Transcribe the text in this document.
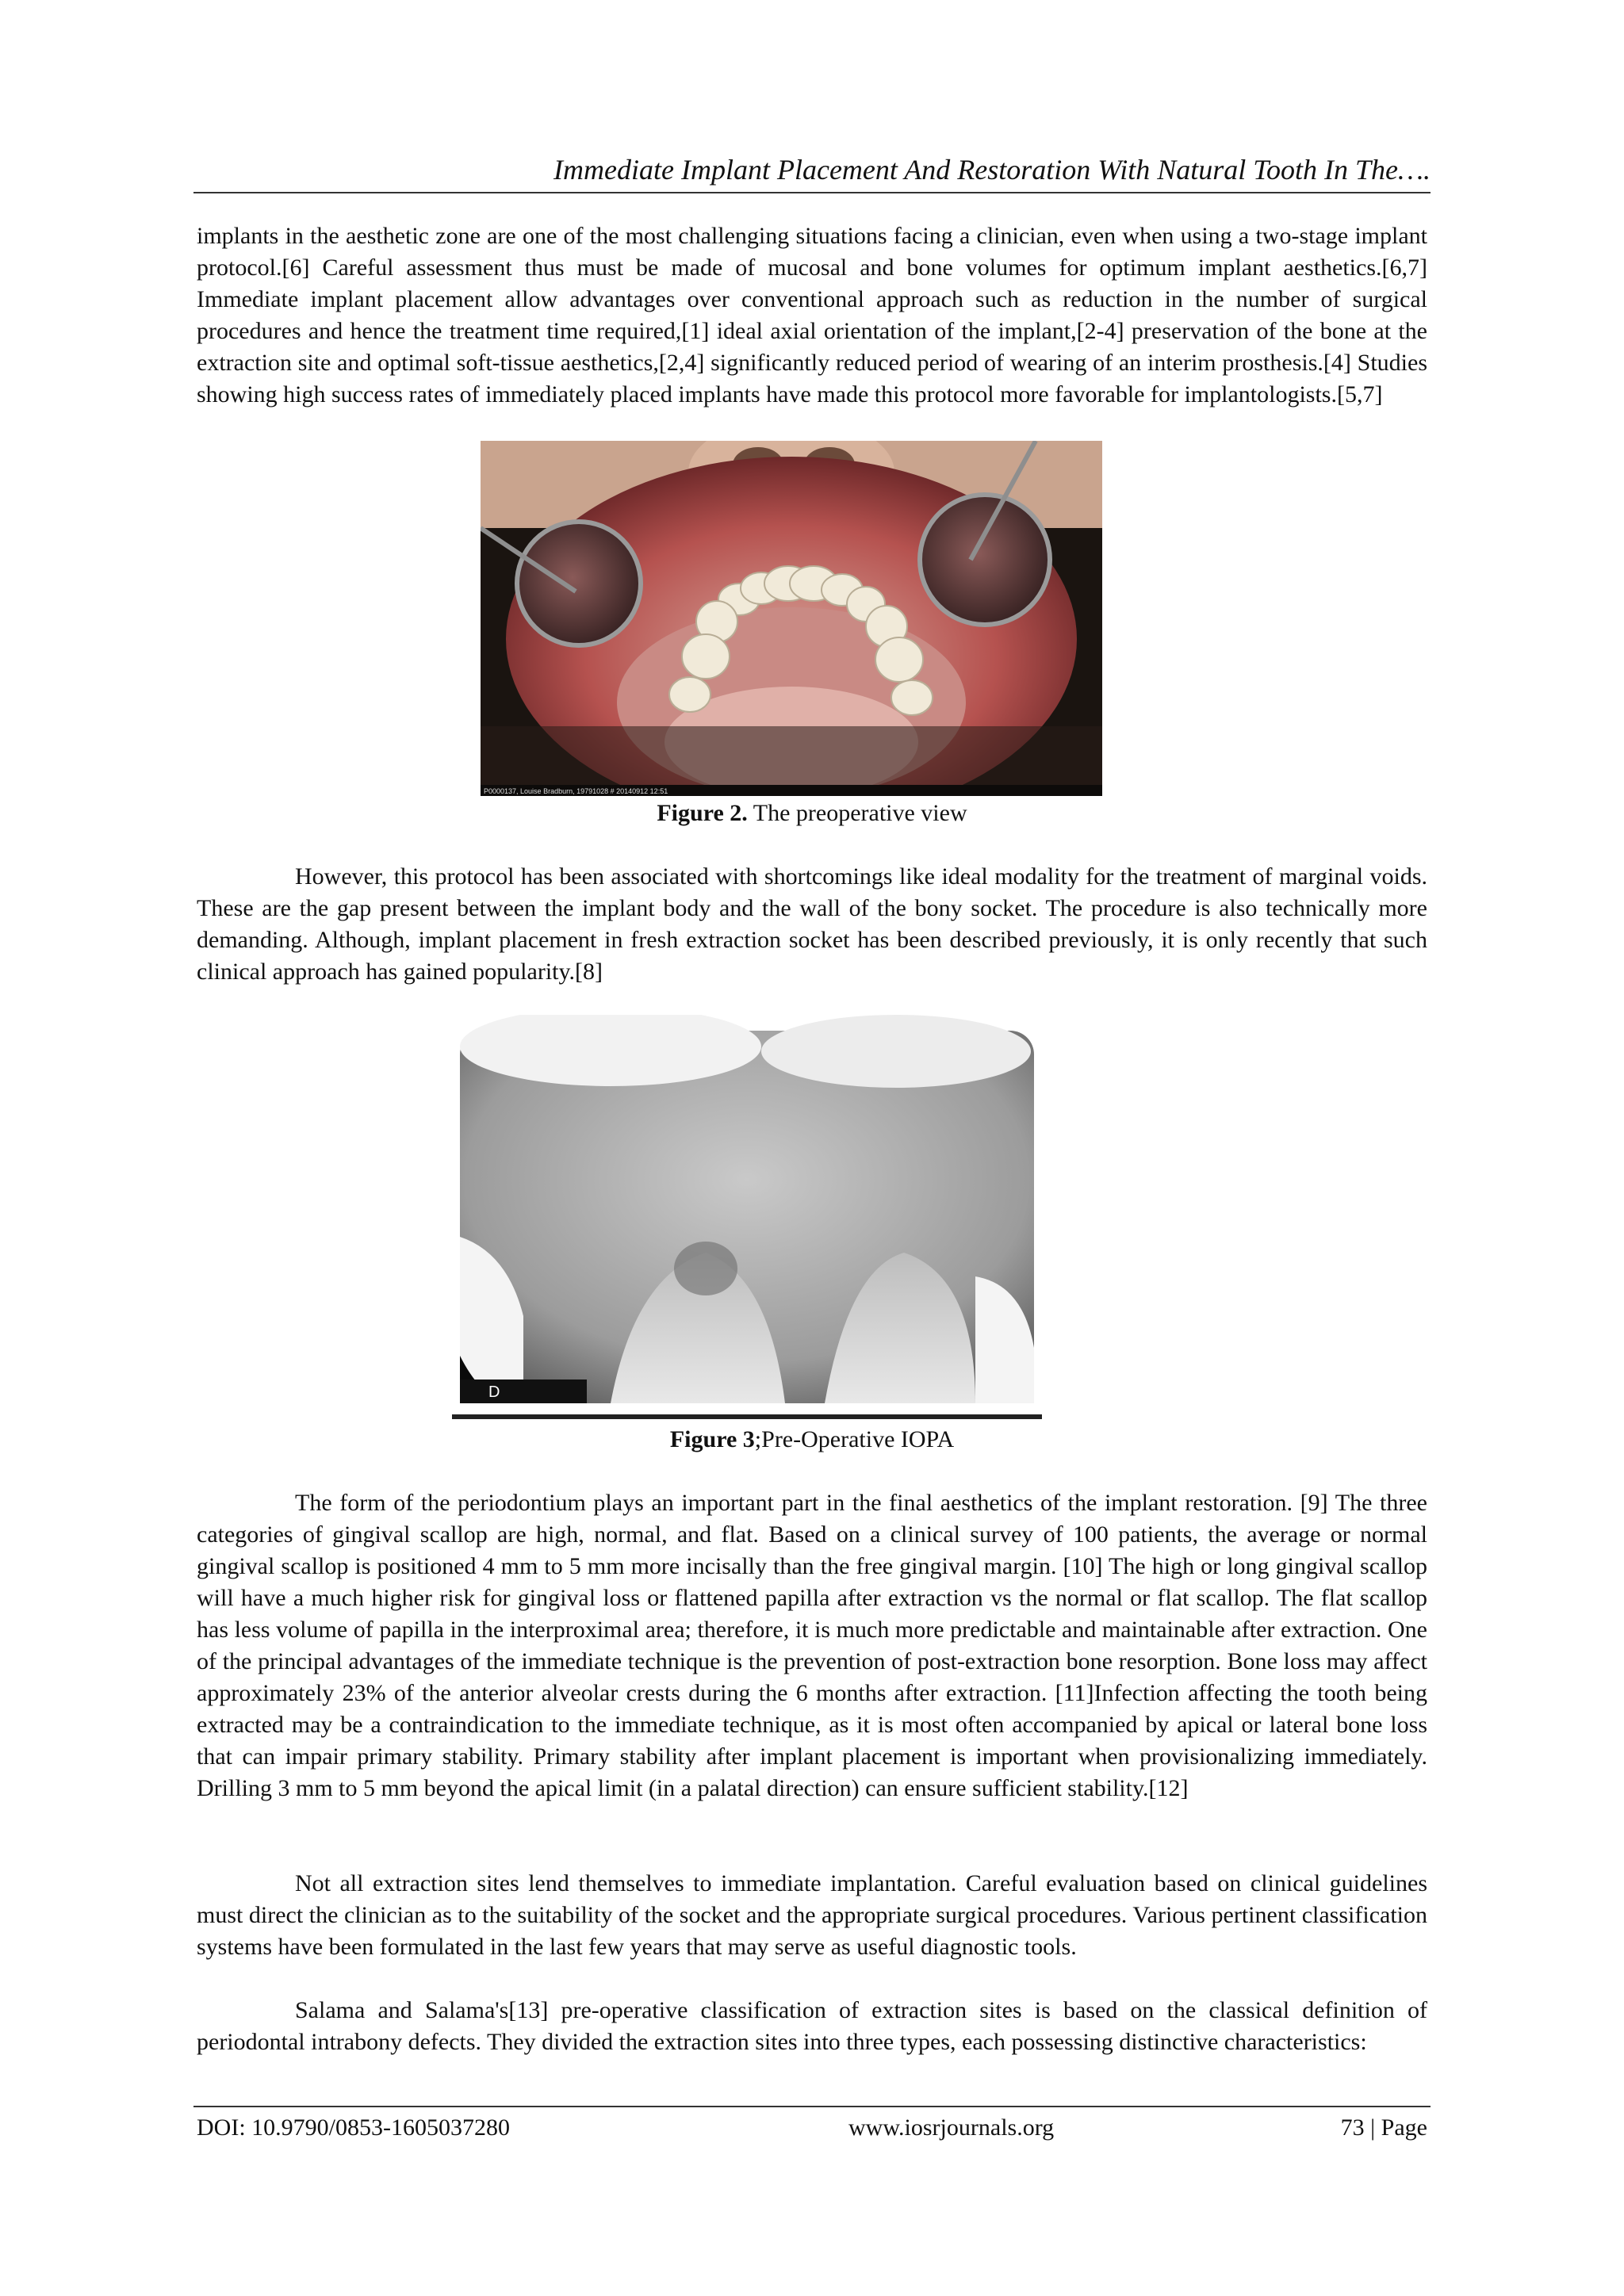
Immediate Implant Placement And Restoration With Natural Tooth In The….

implants in the aesthetic zone are one of the most challenging situations facing a clinician, even when using a two-stage implant protocol.[6] Careful assessment thus must be made of mucosal and bone volumes for optimum implant aesthetics.[6,7] Immediate implant placement allow advantages over conventional approach such as reduction in the number of surgical procedures and hence the treatment time required,[1] ideal axial orientation of the implant,[2-4] preservation of the bone at the extraction site and optimal soft-tissue aesthetics,[2,4] significantly reduced period of wearing of an interim prosthesis.[4] Studies showing high success rates of immediately placed implants have made this protocol more favorable for implantologists.[5,7]

P0000137, Louise Bradburn, 19791028 # 20140912 12:51
Figure 2. The preoperative view

However, this protocol has been associated with shortcomings like ideal modality for the treatment of marginal voids. These are the gap present between the implant body and the wall of the bony socket. The procedure is also technically more demanding. Although, implant placement in fresh extraction socket has been described previously, it is only recently that such clinical approach has gained popularity.[8]

D
Figure 3;Pre-Operative IOPA

The form of the periodontium plays an important part in the final aesthetics of the implant restoration. [9] The three categories of gingival scallop are high, normal, and flat. Based on a clinical survey of 100 patients, the average or normal gingival scallop is positioned 4 mm to 5 mm more incisally than the free gingival margin. [10] The high or long gingival scallop will have a much higher risk for gingival loss or flattened papilla after extraction vs the normal or flat scallop. The flat scallop has less volume of papilla in the interproximal area; therefore, it is much more predictable and maintainable after extraction. One of the principal advantages of the immediate technique is the prevention of post-extraction bone resorption. Bone loss may affect approximately 23% of the anterior alveolar crests during the 6 months after extraction. [11]Infection affecting the tooth being extracted may be a contraindication to the immediate technique, as it is most often accompanied by apical or lateral bone loss that can impair primary stability. Primary stability after implant placement is important when provisionalizing immediately. Drilling 3 mm to 5 mm beyond the apical limit (in a palatal direction) can ensure sufficient stability.[12]

Not all extraction sites lend themselves to immediate implantation. Careful evaluation based on clinical guidelines must direct the clinician as to the suitability of the socket and the appropriate surgical procedures. Various pertinent classification systems have been formulated in the last few years that may serve as useful diagnostic tools.

Salama and Salama's[13] pre-operative classification of extraction sites is based on the classical definition of periodontal intrabony defects. They divided the extraction sites into three types, each possessing distinctive characteristics:

DOI: 10.9790/0853-1605037280	www.iosrjournals.org	73 | Page
